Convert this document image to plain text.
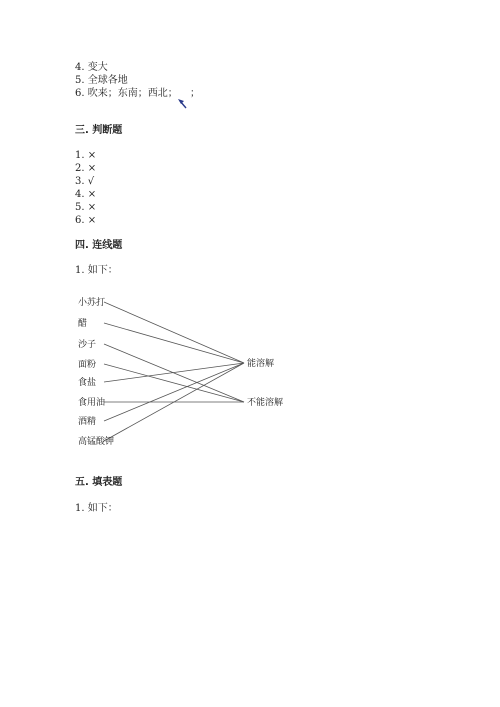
4. 变大
5. 全球各地
6. 吹来；东南；西北； ；
三. 判断题
1. ×
2. ×
3. √
4. ×
5. ×
6. ×
四. 连线题
1. 如下：
小苏打
醋
沙子
面粉
食盐
食用油
酒精
高锰酸钾
能溶解
不能溶解
五. 填表题
1. 如下：
